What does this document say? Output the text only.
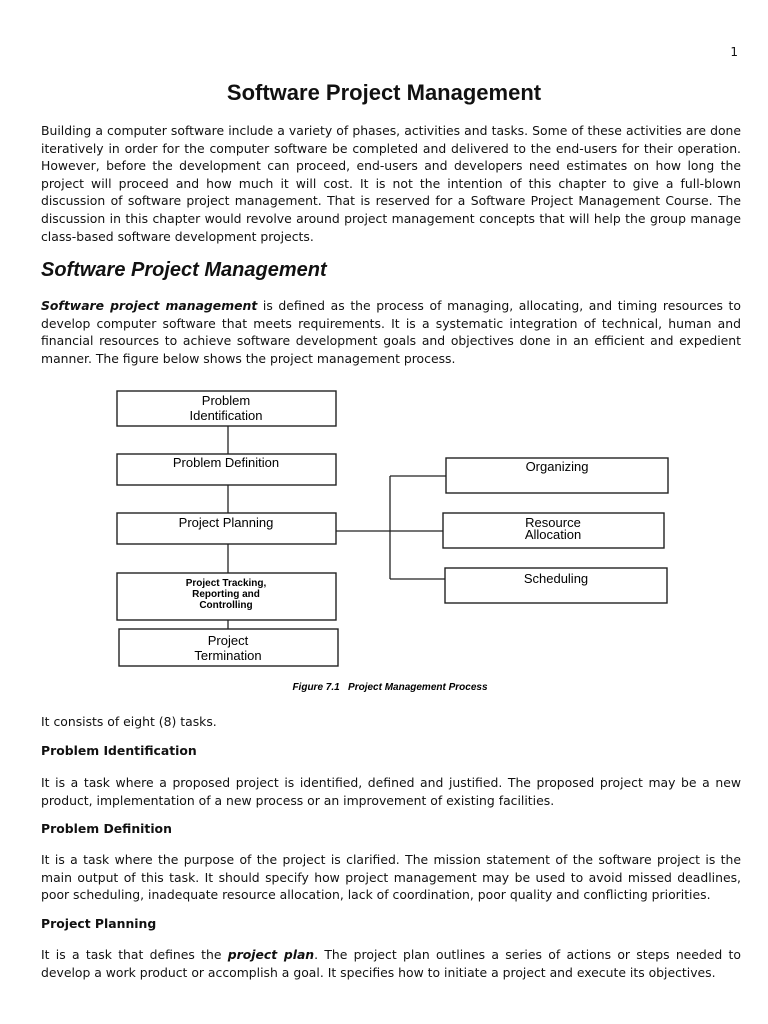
1
Software Project Management

Building a computer software include a variety of phases, activities and tasks. Some of these activities are done iteratively in order for the computer software be completed and delivered to the end-users for their operation. However, before the development can proceed, end-users and developers need estimates on how long the project will proceed and how much it will cost. It is not the intention of this chapter to give a full-blown discussion of software project management. That is reserved for a Software Project Management Course. The discussion in this chapter would revolve around project management concepts that will help the group manage class-based software development projects.

Software Project Management

Software project management is defined as the process of managing, allocating, and timing resources to develop computer software that meets requirements. It is a systematic integration of technical, human and financial resources to achieve software development goals and objectives done in an efficient and expedient manner. The figure below shows the project management process.

Problem
Identification
Problem Definition
Project Planning
Project Tracking,
Reporting and
Controlling
Project
Termination
Organizing
Resource
Allocation
Scheduling
Figure 7.1   Project Management Process

It consists of eight (8) tasks.

Problem Identification

It is a task where a proposed project is identified, defined and justified. The proposed project may be a new product, implementation of a new process or an improvement of existing facilities.

Problem Definition

It is a task where the purpose of the project is clarified. The mission statement of the software project is the main output of this task. It should specify how project management may be used to avoid missed deadlines, poor scheduling, inadequate resource allocation, lack of coordination, poor quality and conflicting priorities.

Project Planning

It is a task that defines the project plan. The project plan outlines a series of actions or steps needed to develop a work product or accomplish a goal. It specifies how to initiate a project and execute its objectives.
